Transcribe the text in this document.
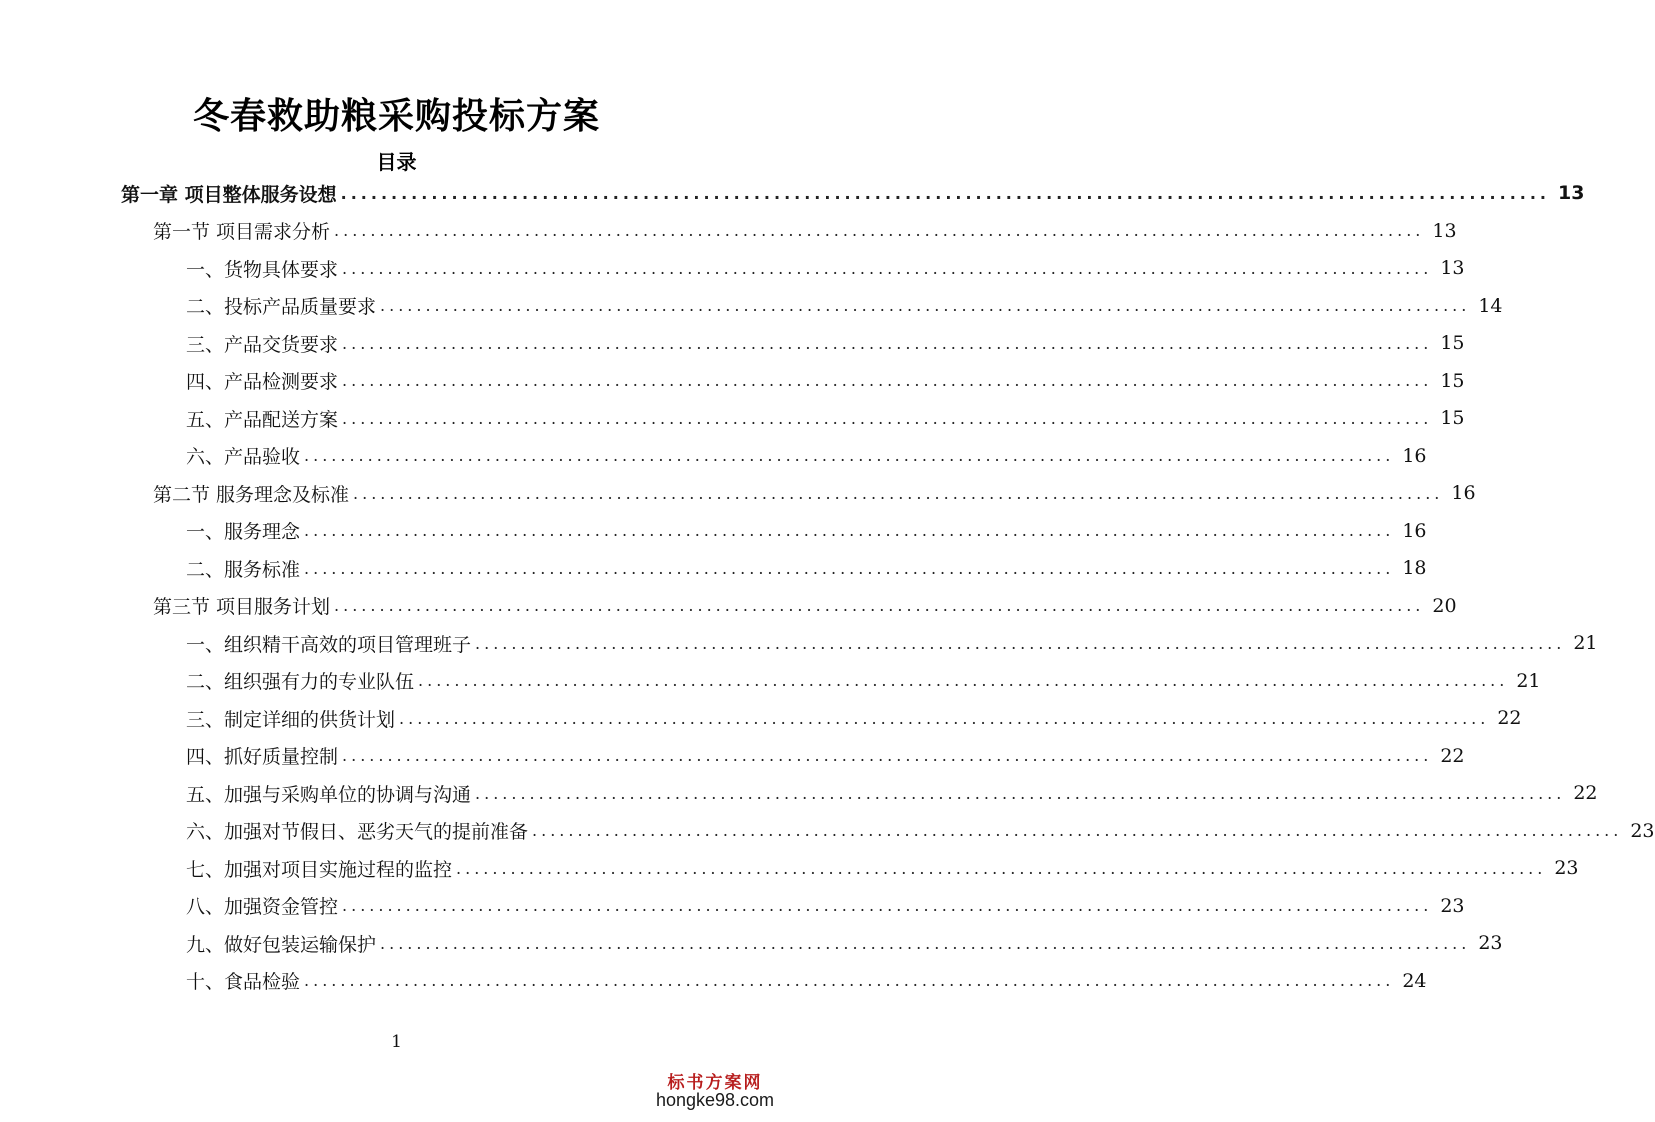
冬春救助粮采购投标方案
目录
第一章 项目整体服务设想 ........................................................................................................................ 13
第一节 项目需求分析 ........................................................................................................................ 13
一、货物具体要求 ........................................................................................................................ 13
二、投标产品质量要求 ........................................................................................................................ 14
三、产品交货要求 ........................................................................................................................ 15
四、产品检测要求 ........................................................................................................................ 15
五、产品配送方案 ........................................................................................................................ 15
六、产品验收 ........................................................................................................................ 16
第二节 服务理念及标准 ........................................................................................................................ 16
一、服务理念 ........................................................................................................................ 16
二、服务标准 ........................................................................................................................ 18
第三节 项目服务计划 ........................................................................................................................ 20
一、组织精干高效的项目管理班子 ........................................................................................................................ 21
二、组织强有力的专业队伍 ........................................................................................................................ 21
三、制定详细的供货计划 ........................................................................................................................ 22
四、抓好质量控制 ........................................................................................................................ 22
五、加强与采购单位的协调与沟通 ........................................................................................................................ 22
六、加强对节假日、恶劣天气的提前准备 ........................................................................................................................ 23
七、加强对项目实施过程的监控 ........................................................................................................................ 23
八、加强资金管控 ........................................................................................................................ 23
九、做好包装运输保护 ........................................................................................................................ 23
十、食品检验 ........................................................................................................................ 24
1
标书方案网
hongke98.com
